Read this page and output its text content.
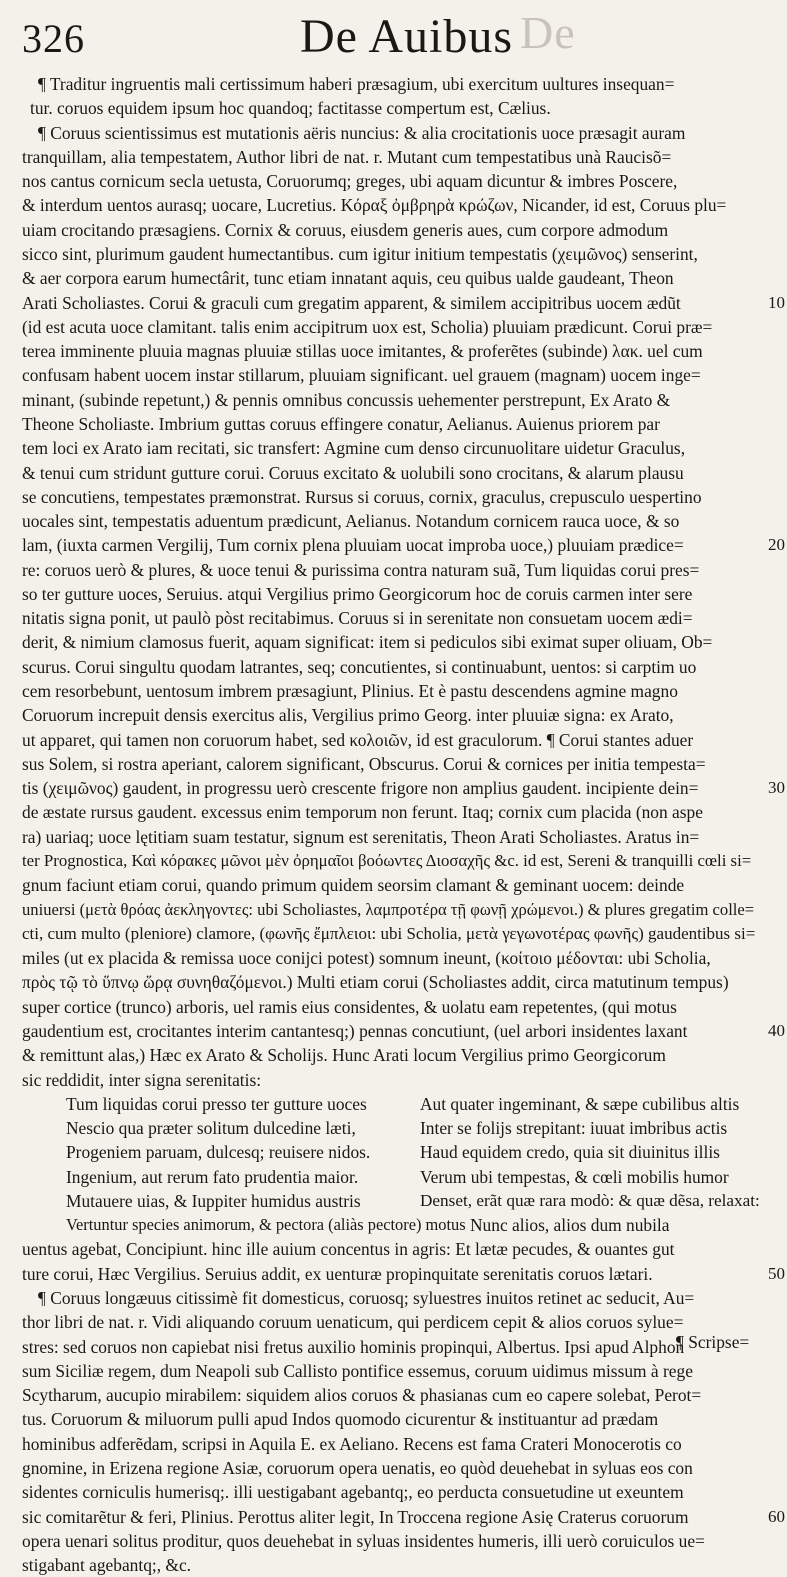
326	De Auibus De
¶ Traditur ingruentis mali certissimum haberi præsagium, ubi exercitum uultures insequan=
tur. coruos equidem ipsum hoc quandoq; factitasse compertum est, Cælius.
¶ Coruus scientissimus est mutationis aëris nuncius: & alia crocitationis uoce præsagit auram
tranquillam, alia tempestatem, Author libri de nat. r. Mutant cum tempestatibus unà Raucisõ=
nos cantus cornicum secla uetusta, Coruorumq; greges, ubi aquam dicuntur & imbres Poscere,
& interdum uentos aurasq; uocare, Lucretius. Κόραξ ὀμβρηρὰ κρώζων, Nicander, id est, Coruus plu=
uiam crocitando præsagiens. Cornix & coruus, eiusdem generis aues, cum corpore admodum
sicco sint, plurimum gaudent humectantibus. cum igitur initium tempestatis (χειμῶνος) senserint,
& aer corpora earum humectârit, tunc etiam innatant aquis, ceu quibus ualde gaudeant, Theon
Arati Scholiastes. Corui & graculi cum gregatim apparent, & similem accipitribus uocem ædũt	10
(id est acuta uoce clamitant. talis enim accipitrum uox est, Scholia) pluuiam prædicunt. Corui præ=
terea imminente pluuia magnas pluuiæ stillas uoce imitantes, & proferẽtes (subinde) λακ. uel cum
confusam habent uocem instar stillarum, pluuiam significant. uel grauem (magnam) uocem inge=
minant, (subinde repetunt,) & pennis omnibus concussis uehementer perstrepunt, Ex Arato &
Theone Scholiaste. Imbrium guttas coruus effingere conatur, Aelianus. Auienus priorem par
tem loci ex Arato iam recitati, sic transfert: Agmine cum denso circunuolitare uidetur Graculus,
& tenui cum stridunt gutture corui. Coruus excitato & uolubili sono crocitans, & alarum plausu
se concutiens, tempestates præmonstrat. Rursus si coruus, cornix, graculus, crepusculo uespertino
uocales sint, tempestatis aduentum prædicunt, Aelianus. Notandum cornicem rauca uoce, & so
lam, (iuxta carmen Vergilij, Tum cornix plena pluuiam uocat improba uoce,) pluuiam prædice=	20
re: coruos uerò & plures, & uoce tenui & purissima contra naturam suã, Tum liquidas corui pres=
so ter gutture uoces, Seruius. atqui Vergilius primo Georgicorum hoc de coruis carmen inter sere
nitatis signa ponit, ut paulò pòst recitabimus. Coruus si in serenitate non consuetam uocem ædi=
derit, & nimium clamosus fuerit, aquam significat: item si pediculos sibi eximat super oliuam, Ob=
scurus. Corui singultu quodam latrantes, seq; concutientes, si continuabunt, uentos: si carptim uo
cem resorbebunt, uentosum imbrem præsagiunt, Plinius. Et è pastu descendens agmine magno
Coruorum increpuit densis exercitus alis, Vergilius primo Georg. inter pluuiæ signa: ex Arato,
ut apparet, qui tamen non coruorum habet, sed κολοιῶν, id est graculorum. ¶ Corui stantes aduer
sus Solem, si rostra aperiant, calorem significant, Obscurus. Corui & cornices per initia tempesta=
tis (χειμῶνος) gaudent, in progressu uerò crescente frigore non amplius gaudent. incipiente dein=	30
de æstate rursus gaudent. excessus enim temporum non ferunt. Itaq; cornix cum placida (non aspe
ra) uariaq; uoce lętitiam suam testatur, signum est serenitatis, Theon Arati Scholiastes. Aratus in=
ter Prognostica, Καὶ κόρακες μῶνοι μὲν ὀρημαῖοι βοόωντες Διοσαχῆς &c. id est, Sereni & tranquilli cœli si=
gnum faciunt etiam corui, quando primum quidem seorsim clamant & geminant uocem: deinde
uniuersi (μετὰ θρόας ἀεκληγοντες: ubi Scholiastes, λαμπροτέρα τῇ φωνῇ χρώμενοι.) & plures gregatim colle=
cti, cum multo (pleniore) clamore, (φωνῆς ἔμπλειοι: ubi Scholia, μετὰ γεγωνοτέρας φωνῆς) gaudentibus si=
miles (ut ex placida & remissa uoce conijci potest) somnum ineunt, (κοίτοιο μέδονται: ubi Scholia,
πρὸς τῷ τὸ ὕπνῳ ὥρᾳ συνηθαζόμενοι.) Multi etiam corui (Scholiastes addit, circa matutinum tempus)
super cortice (trunco) arboris, uel ramis eius considentes, & uolatu eam repetentes, (qui motus
gaudentium est, crocitantes interim cantantesq;) pennas concutiunt, (uel arbori insidentes laxant	40
& remittunt alas,) Hæc ex Arato & Scholijs. Hunc Arati locum Vergilius primo Georgicorum
sic reddidit, inter signa serenitatis:
Tum liquidas corui presso ter gutture uoces	Aut quater ingeminant, & sæpe cubilibus altis
Nescio qua præter solitum dulcedine læti,	Inter se folijs strepitant: iuuat imbribus actis
Progeniem paruam, dulcesq; reuisere nidos.	Haud equidem credo, quia sit diuinitus illis
Ingenium, aut rerum fato prudentia maior.	Verum ubi tempestas, & cœli mobilis humor
Mutauere uias, & Iuppiter humidus austris	Denset, erãt quæ rara modò: & quæ dẽsa, relaxat:
Vertuntur species animorum, & pectora (aliàs pectore) motus Nunc alios, alios dum nubila
uentus agebat, Concipiunt. hinc ille auium concentus in agris: Et lætæ pecudes, & ouantes gut
ture corui, Hæc Vergilius. Seruius addit, ex uenturæ propinquitate serenitatis coruos lætari.	50
¶ Coruus longæuus citissimè fit domesticus, coruosq; syluestres inuitos retinet ac seducit, Au=
thor libri de nat. r. Vidi aliquando coruum uenaticum, qui perdicem cepit & alios coruos sylue=
stres: sed coruos non capiebat nisi fretus auxilio hominis propinqui, Albertus. Ipsi apud Alphon
sum Siciliæ regem, dum Neapoli sub Callisto pontifice essemus, coruum uidimus missum à rege
Scytharum, aucupio mirabilem: siquidem alios coruos & phasianas cum eo capere solebat, Perot=
tus. Coruorum & miluorum pulli apud Indos quomodo cicurentur & instituantur ad prædam
hominibus adferẽdam, scripsi in Aquila E. ex Aeliano. Recens est fama Crateri Monocerotis co
gnomine, in Erizena regione Asiæ, coruorum opera uenatis, eo quòd deuehebat in syluas eos con
sidentes corniculis humerisq;. illi uestigabant agebantq;, eo perducta consuetudine ut exeuntem
sic comitarẽtur & feri, Plinius. Perottus aliter legit, In Troccena regione Asię Craterus coruorum	60
opera uenari solitus proditur, quos deuehebat in syluas insidentes humeris, illi uerò coruiculos ue=
stigabant agebantq;, &c.
¶ Scripse=
